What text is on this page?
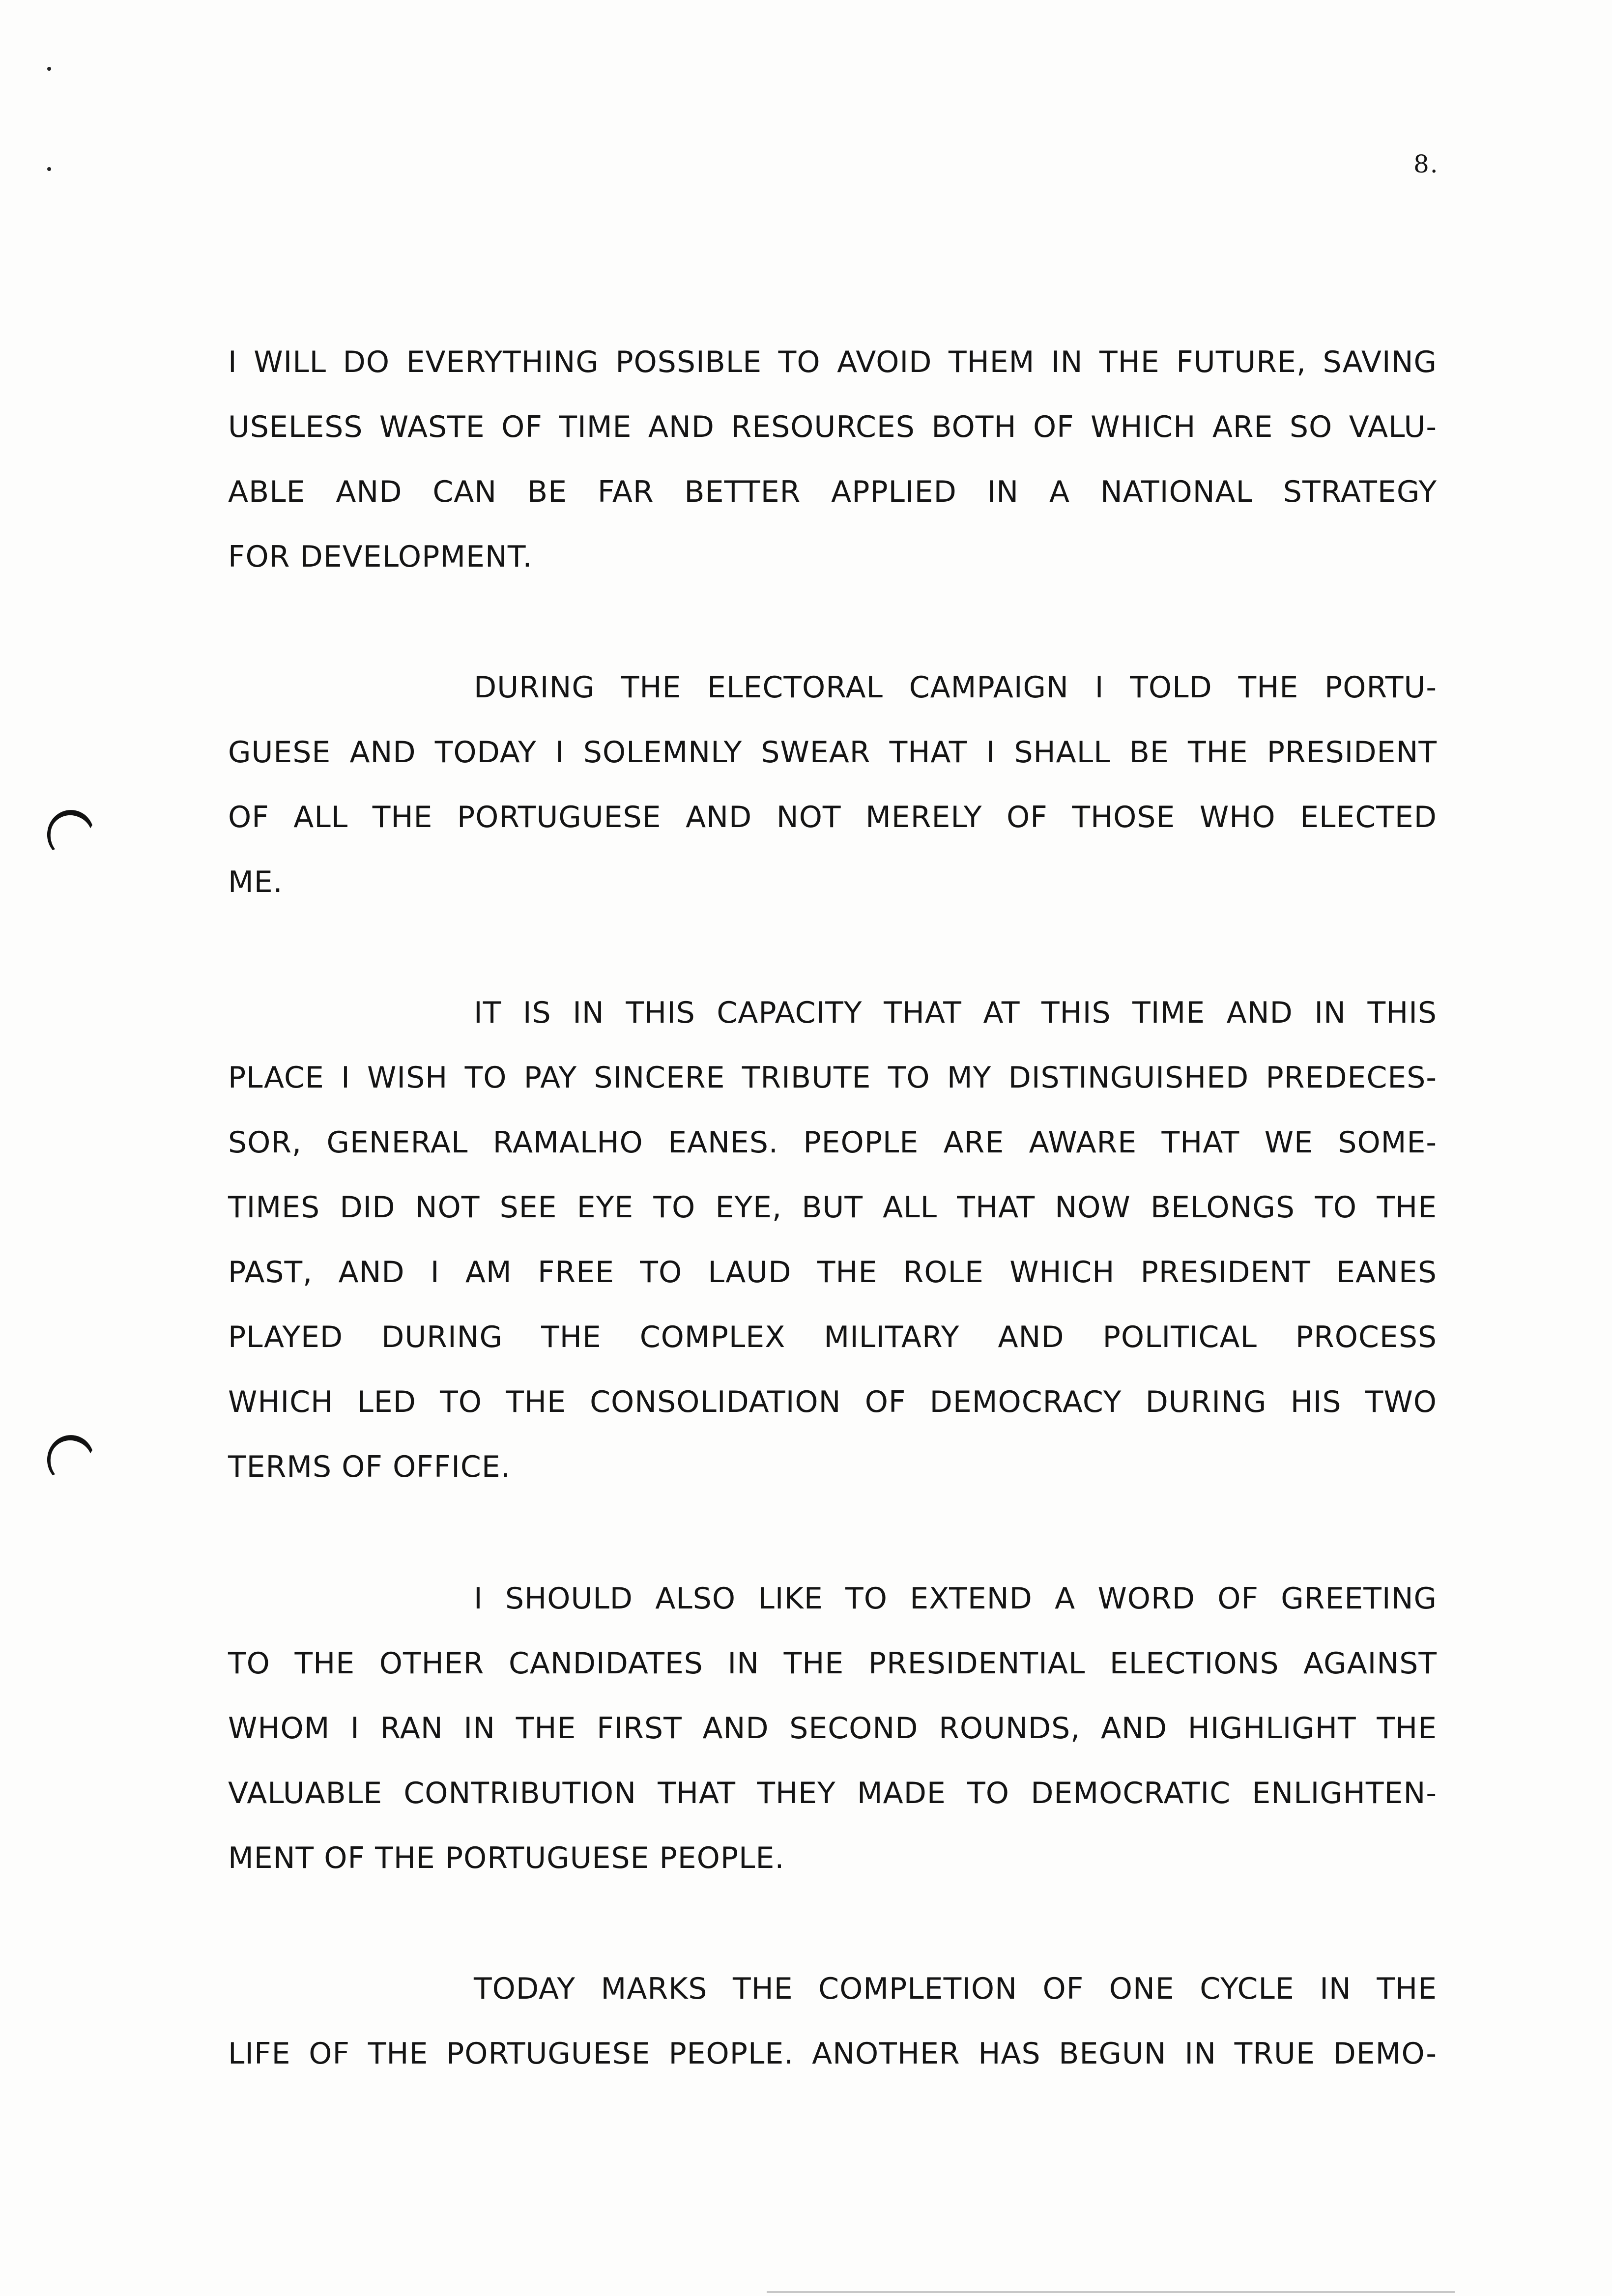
8.
I WILL DO EVERYTHING POSSIBLE TO AVOID THEM IN THE FUTURE, SAVING
USELESS WASTE OF TIME AND RESOURCES BOTH OF WHICH ARE SO VALU-
ABLE AND CAN BE FAR BETTER APPLIED IN A NATIONAL STRATEGY
FOR DEVELOPMENT.
DURING THE ELECTORAL CAMPAIGN I TOLD THE PORTU-
GUESE AND TODAY I SOLEMNLY SWEAR THAT I SHALL BE THE PRESIDENT
OF ALL THE PORTUGUESE AND NOT MERELY OF THOSE WHO ELECTED
ME.
IT IS IN THIS CAPACITY THAT AT THIS TIME AND IN THIS
PLACE I WISH TO PAY SINCERE TRIBUTE TO MY DISTINGUISHED PREDECES-
SOR, GENERAL RAMALHO EANES. PEOPLE ARE AWARE THAT WE SOME-
TIMES DID NOT SEE EYE TO EYE, BUT ALL THAT NOW BELONGS TO THE
PAST, AND I AM FREE TO LAUD THE ROLE WHICH PRESIDENT EANES
PLAYED DURING THE COMPLEX MILITARY AND POLITICAL PROCESS
WHICH LED TO THE CONSOLIDATION OF DEMOCRACY DURING HIS TWO
TERMS OF OFFICE.
I SHOULD ALSO LIKE TO EXTEND A WORD OF GREETING
TO THE OTHER CANDIDATES IN THE PRESIDENTIAL ELECTIONS AGAINST
WHOM I RAN IN THE FIRST AND SECOND ROUNDS, AND HIGHLIGHT THE
VALUABLE CONTRIBUTION THAT THEY MADE TO DEMOCRATIC ENLIGHTEN-
MENT OF THE PORTUGUESE PEOPLE.
TODAY MARKS THE COMPLETION OF ONE CYCLE IN THE
LIFE OF THE PORTUGUESE PEOPLE. ANOTHER HAS BEGUN IN TRUE DEMO-
